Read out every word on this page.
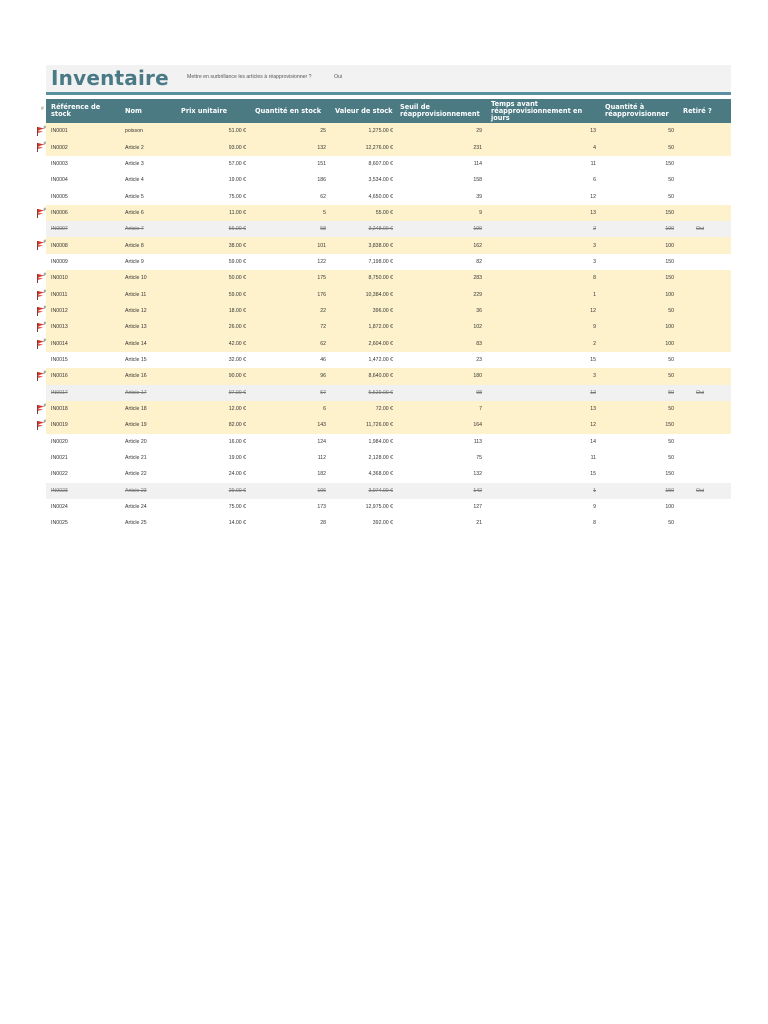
Inventaire	Mettre en surbrillance les articles à réapprovisionner ?	Oui
#
#
#
#
#
#
#
#
#
#
#
#
#
Référence de stock	Nom	Prix unitaire	Quantité en stock	Valeur de stock	Seuil de réapprovisionnement	Temps avant réapprovisionnement en jours	Quantité à réapprovisionner	Retiré ?
IN0001	poisson	51.00 €	25	1,275.00 €	29	13	50	
IN0002	Article 2	93.00 €	132	12,276.00 €	231	4	50	
IN0003	Article 3	57.00 €	151	8,607.00 €	114	11	150	
IN0004	Article 4	19.00 €	186	3,534.00 €	158	6	50	
IN0005	Article 5	75.00 €	62	4,650.00 €	39	12	50	
IN0006	Article 6	11.00 €	5	55.00 €	9	13	150	
IN0007	Article 7	56.00 €	58	3,248.00 €	109	2	100	Oui
IN0008	Article 8	38.00 €	101	3,838.00 €	162	3	100	
IN0009	Article 9	59.00 €	122	7,198.00 €	82	3	150	
IN0010	Article 10	50.00 €	175	8,750.00 €	283	8	150	
IN0011	Article 11	59.00 €	176	10,384.00 €	229	1	100	
IN0012	Article 12	18.00 €	22	396.00 €	36	12	50	
IN0013	Article 13	26.00 €	72	1,872.00 €	102	9	100	
IN0014	Article 14	42.00 €	62	2,604.00 €	83	2	100	
IN0015	Article 15	32.00 €	46	1,472.00 €	23	15	50	
IN0016	Article 16	90.00 €	96	8,640.00 €	180	3	50	
IN0017	Article 17	97.00 €	57	5,529.00 €	98	12	50	Oui
IN0018	Article 18	12.00 €	6	72.00 €	7	13	50	
IN0019	Article 19	82.00 €	143	11,726.00 €	164	12	150	
IN0020	Article 20	16.00 €	124	1,984.00 €	113	14	50	
IN0021	Article 21	19.00 €	112	2,128.00 €	75	11	50	
IN0022	Article 22	24.00 €	182	4,368.00 €	132	15	150	
IN0023	Article 23	29.00 €	106	3,074.00 €	142	1	150	Oui
IN0024	Article 24	75.00 €	173	12,975.00 €	127	9	100	
IN0025	Article 25	14.00 €	28	392.00 €	21	8	50	
